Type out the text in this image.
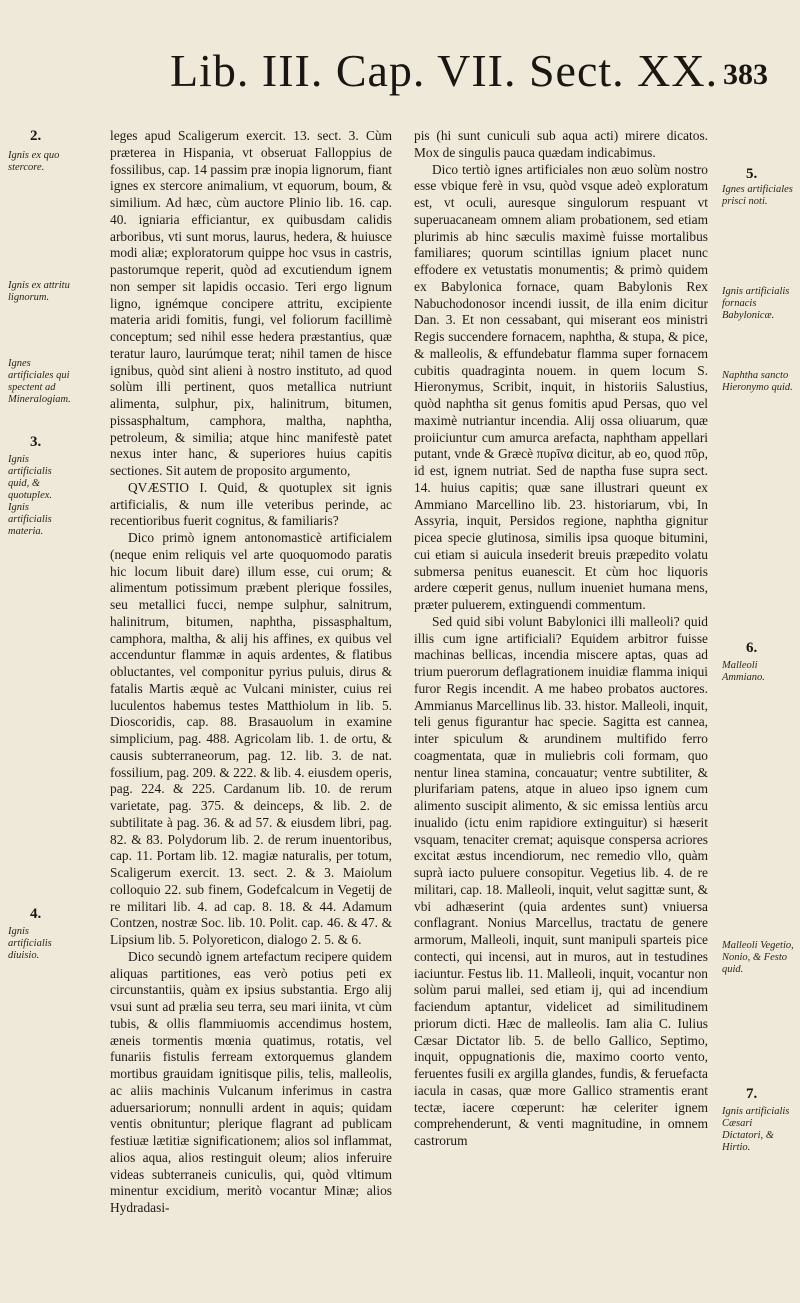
Lib. III. Cap. VII. Sect. XX. 383
2.
Ignis ex quo stercore.
Ignis ex attritu lignorum.
Ignes artificiales qui spectent ad Mineralogiam.
3.
Ignis artificialis quid, & quotuplex. Ignis artificialis materia.
4.
Ignis artificialis diuisio.
5.
Ignes artificiales prisci noti.
Ignis artificialis fornacis Babylonicæ.
Naphtha sancto Hieronymo quid.
6.
Malleoli Ammiano.
Malleoli Vegetio, Nonio, & Festo quid.
7.
Ignis artificialis Cæsari Dictatori, & Hirtio.

leges apud Scaligerum exercit. 13. sect. 3. Cùm præterea in Hispania, vt obseruat Falloppius de fossilibus, cap. 14 passim præ inopia lignorum, fiant ignes ex stercore animalium, vt equorum, boum, & similium. Ad hæc, cùm auctore Plinio lib. 16. cap. 40. igniaria efficiantur, ex quibusdam calidis arboribus, vti sunt morus, laurus, hedera, & huiusce modi aliæ; exploratorum quippe hoc vsus in castris, pastorumque reperit, quòd ad excutiendum ignem non semper sit lapidis occasio. Teri ergo lignum ligno, ignémque concipere attritu, excipiente materia aridi fomitis, fungi, vel foliorum facillimè conceptum; sed nihil esse hedera præstantius, quæ teratur lauro, laurúmque terat; nihil tamen de hisce ignibus, quòd sint alieni à nostro instituto, ad quod solùm illi pertinent, quos metallica nutriunt alimenta, sulphur, pix, halinitrum, bitumen, pissasphaltum, camphora, maltha, naphtha, petroleum, & similia; atque hinc manifestè patet nexus inter hanc, & superiores huius capitis sectiones. Sit autem de proposito argumento,

QVÆSTIO I. Quid, & quotuplex sit ignis artificialis, & num ille veteribus perinde, ac recentioribus fuerit cognitus, & familiaris?

Dico primò ignem antonomasticè artificialem (neque enim reliquis vel arte quoquomodo paratis hic locum libuit dare) illum esse, cui orum; & alimentum potissimum præbent plerique fossiles, seu metallici fucci, nempe sulphur, salnitrum, halinitrum, bitumen, naphtha, pissasphaltum, camphora, maltha, & alij his affines, ex quibus vel accenduntur flammæ in aquis ardentes, & flatibus obluctantes, vel componitur pyrius puluis, dirus & fatalis Martis æquè ac Vulcani minister, cuius rei luculentos habemus testes Matthiolum in lib. 5. Dioscoridis, cap. 88. Brasauolum in examine simplicium, pag. 488. Agricolam lib. 1. de ortu, & causis subterraneorum, pag. 12. lib. 3. de nat. fossilium, pag. 209. & 222. & lib. 4. eiusdem operis, pag. 224. & 225. Cardanum lib. 10. de rerum varietate, pag. 375. & deinceps, & lib. 2. de subtilitate à pag. 36. & ad 57. & eiusdem libri, pag. 82. & 83. Polydorum lib. 2. de rerum inuentoribus, cap. 11. Portam lib. 12. magiæ naturalis, per totum, Scaligerum exercit. 13. sect. 2. & 3. Maiolum colloquio 22. sub finem, Godefcalcum in Vegetij de re militari lib. 4. ad cap. 8. 18. & 44. Adamum Contzen, nostræ Soc. lib. 10. Polit. cap. 46. & 47. & Lipsium lib. 5. Polyoreticon, dialogo 2. 5. & 6.

Dico secundò ignem artefactum recipere quidem aliquas partitiones, eas verò potius peti ex circunstantiis, quàm ex ipsius substantia. Ergo alij vsui sunt ad prælia seu terra, seu mari iinita, vt cùm tubis, & ollis flammiuomis accendimus hostem, æneis tormentis mœnia quatimus, rotatis, vel funariis fistulis ferream extorquemus glandem mortibus grauidam ignitisque pilis, telis, malleolis, ac aliis machinis Vulcanum inferimus in castra aduersariorum; nonnulli ardent in aquis; quidam ventis obnituntur; plerique flagrant ad publicam festiuæ lætitiæ significationem; alios sol inflammat, alios aqua, alios restinguit oleum; alios inferuire videas subterraneis cuniculis, qui, quòd vltimum minentur excidium, meritò vocantur Minæ; alios Hydradasi-

pis (hi sunt cuniculi sub aqua acti) mirere dicatos. Mox de singulis pauca quædam indicabimus.

Dico tertiò ignes artificiales non æuo solùm nostro esse vbique ferè in vsu, quòd vsque adeò exploratum est, vt oculi, auresque singulorum respuant vt superuacaneam omnem aliam probationem, sed etiam plurimis ab hinc sæculis maximè fuisse mortalibus familiares; quorum scintillas ignium placet nunc effodere ex vetustatis monumentis; & primò quidem ex Babylonica fornace, quam Babylonis Rex Nabuchodonosor incendi iussit, de illa enim dicitur Dan. 3. Et non cessabant, qui miserant eos ministri Regis succendere fornacem, naphtha, & stupa, & pice, & malleolis, & effundebatur flamma super fornacem cubitis quadraginta nouem. in quem locum S. Hieronymus, Scribit, inquit, in historiis Salustius, quòd naphtha sit genus fomitis apud Persas, quo vel maximè nutriantur incendia. Alij ossa oliuarum, quæ proiiciuntur cum amurca arefacta, naphtham appellari putant, vnde & Græcè πυρῖνα dicitur, ab eo, quod πῦρ, id est, ignem nutriat. Sed de naptha fuse supra sect. 14. huius capitis; quæ sane illustrari queunt ex Ammiano Marcellino lib. 23. historiarum, vbi, In Assyria, inquit, Persidos regione, naphtha gignitur picea specie glutinosa, similis ipsa quoque bitumini, cui etiam si auicula insederit breuis præpedito volatu submersa penitus euanescit. Et cùm hoc liquoris ardere cœperit genus, nullum inueniet humana mens, præter puluerem, extinguendi commentum.

Sed quid sibi volunt Babylonici illi malleoli? quid illis cum igne artificiali? Equidem arbitror fuisse machinas bellicas, incendia miscere aptas, quas ad trium puerorum deflagrationem inuidiæ flamma iniqui furor Regis incendit. A me habeo probatos auctores. Ammianus Marcellinus lib. 33. histor. Malleoli, inquit, teli genus figurantur hac specie. Sagitta est cannea, inter spiculum & arundinem multifido ferro coagmentata, quæ in muliebris coli formam, quo nentur linea stamina, concauatur; ventre subtiliter, & plurifariam patens, atque in alueo ipso ignem cum alimento suscipit alimento, & sic emissa lentiùs arcu inualido (ictu enim rapidiore extinguitur) si hæserit vsquam, tenaciter cremat; aquisque conspersa acriores excitat æstus incendiorum, nec remedio vllo, quàm suprà iacto puluere consopitur. Vegetius lib. 4. de re militari, cap. 18. Malleoli, inquit, velut sagittæ sunt, & vbi adhæserint (quia ardentes sunt) vniuersa conflagrant. Nonius Marcellus, tractatu de genere armorum, Malleoli, inquit, sunt manipuli sparteis pice contecti, qui incensi, aut in muros, aut in testudines iaciuntur. Festus lib. 11. Malleoli, inquit, vocantur non solùm parui mallei, sed etiam ij, qui ad incendium faciendum aptantur, videlicet ad similitudinem priorum dicti. Hæc de malleolis. Iam alia C. Iulius Cæsar Dictator lib. 5. de bello Gallico, Septimo, inquit, oppugnationis die, maximo coorto vento, feruentes fusili ex argilla glandes, fundis, & feruefacta iacula in casas, quæ more Gallico stramentis erant tectæ, iacere cœperunt: hæ celeriter ignem comprehenderunt, & venti magnitudine, in omnem castrorum
